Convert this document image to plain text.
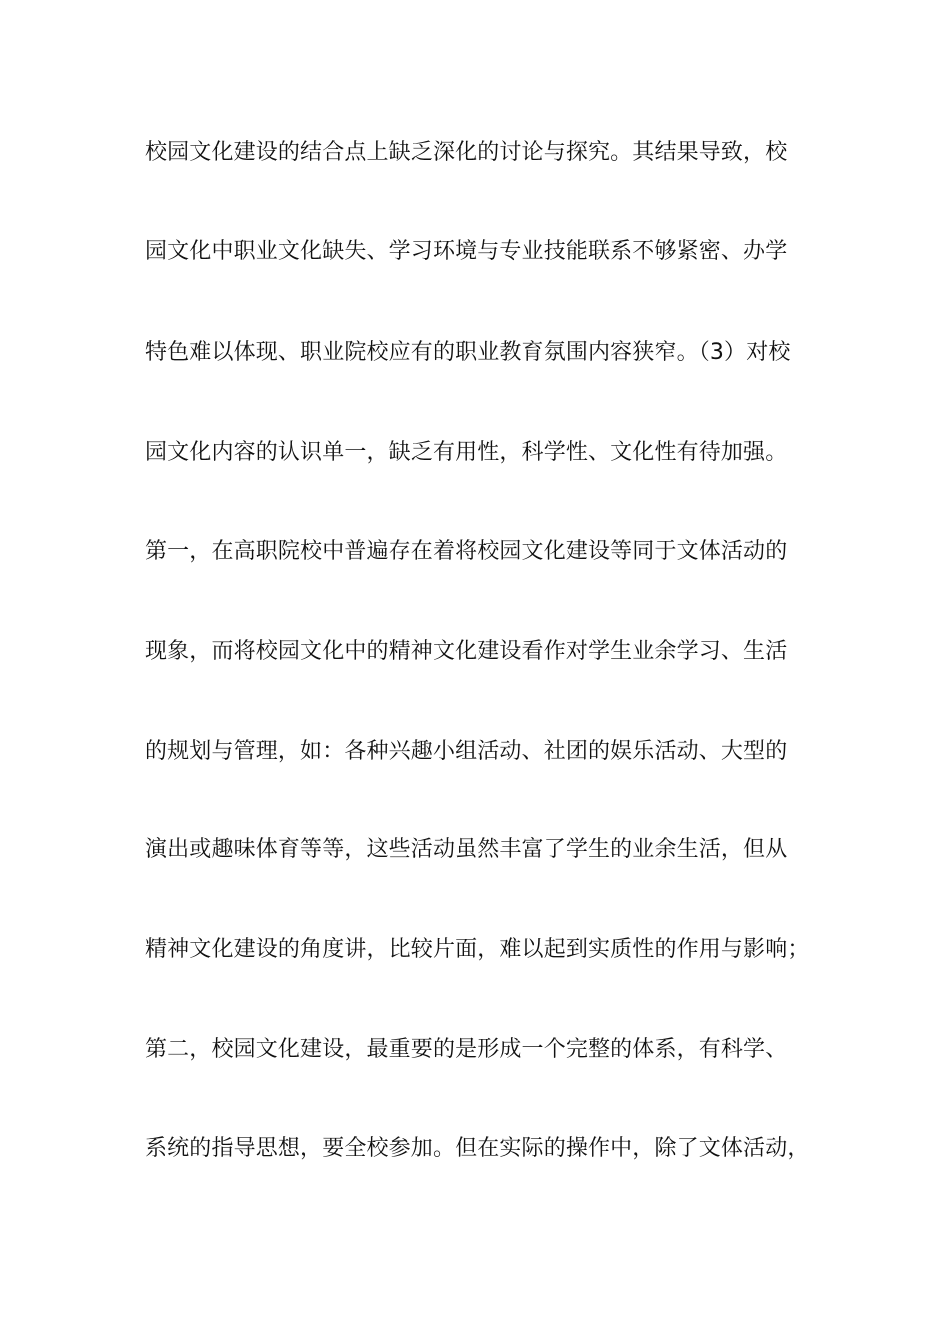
校园文化建设的结合点上缺乏深化的讨论与探究。其结果导致，校
园文化中职业文化缺失、学习环境与专业技能联系不够紧密、办学
特色难以体现、职业院校应有的职业教育氛围内容狭窄。（3）对校
园文化内容的认识单一，缺乏有用性，科学性、文化性有待加强。
第一，在高职院校中普遍存在着将校园文化建设等同于文体活动的
现象，而将校园文化中的精神文化建设看作对学生业余学习、生活
的规划与管理，如：各种兴趣小组活动、社团的娱乐活动、大型的
演出或趣味体育等等，这些活动虽然丰富了学生的业余生活，但从
精神文化建设的角度讲，比较片面，难以起到实质性的作用与影响；
第二，校园文化建设，最重要的是形成一个完整的体系，有科学、
系统的指导思想，要全校参加。但在实际的操作中，除了文体活动，
